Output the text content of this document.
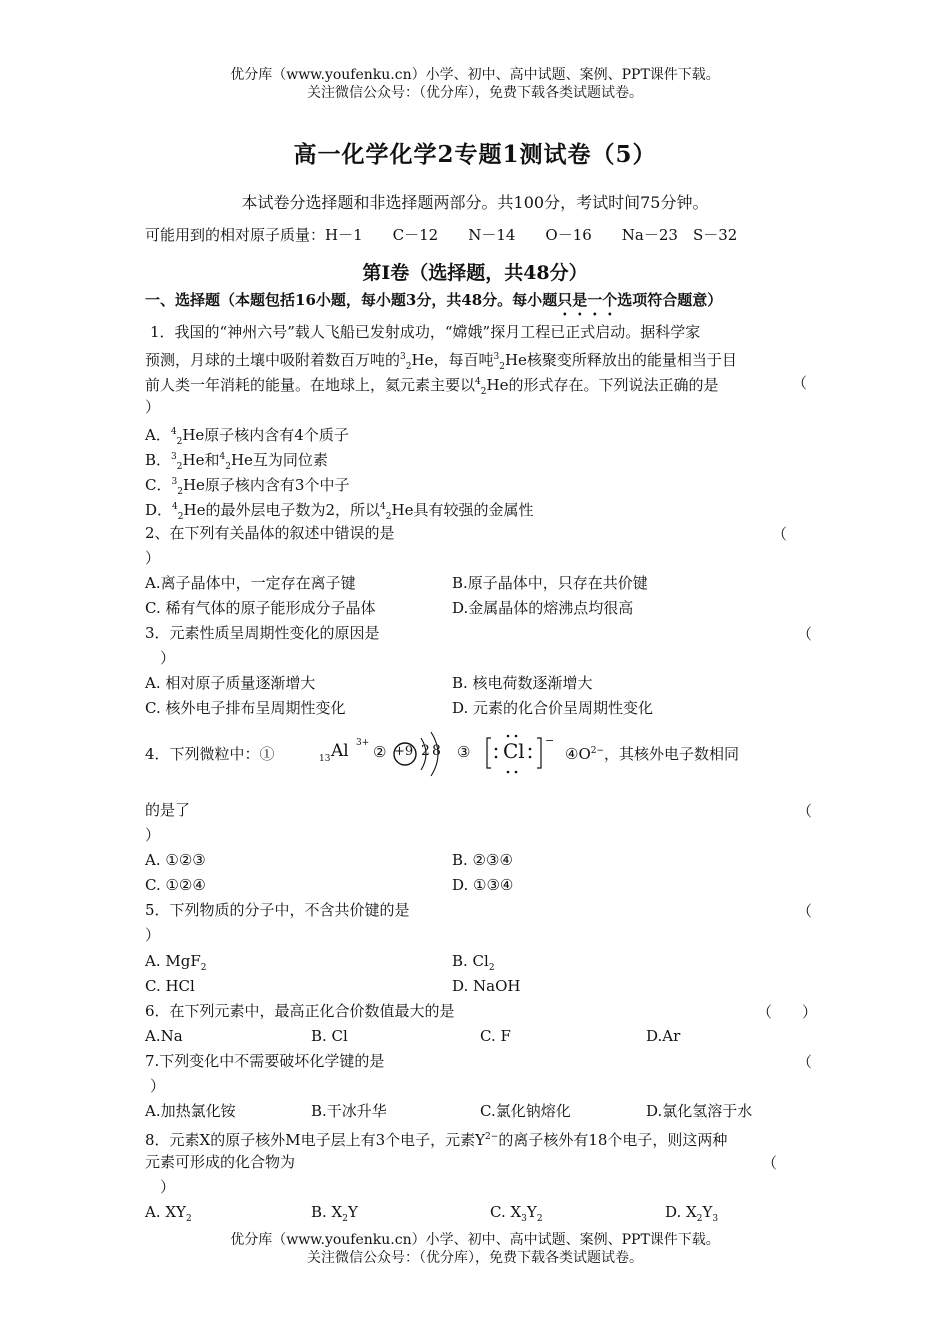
优分库（www.youfenku.cn）小学、初中、高中试题、案例、PPT课件下载。
关注微信公众号：（优分库），免费下载各类试题试卷。
高一化学化学2专题1测试卷（5）
本试卷分选择题和非选择题两部分。共100分，考试时间75分钟。
可能用到的相对原子质量：H－1　　C－12　　N－14　　O－16　　Na－23　S－32
第Ⅰ卷（选择题，共48分）
一、选择题（本题包括16小题，每小题3分，共48分。每小题只是一个选项符合题意）
1．我国的“神州六号”载人飞船已发射成功，“嫦娥”探月工程已正式启动。据科学家
预测，月球的土壤中吸附着数百万吨的$^3_2$He，每百吨$^3_2$He核聚变所释放出的能量相当于目
前人类一年消耗的能量。在地球上，氦元素主要以$^4_2$He的形式存在。下列说法正确的是	（
）
A．$^4_2$He原子核内含有4个质子
B．$^3_2$He和$^4_2$He互为同位素
C．$^3_2$He原子核内含有3个中子
D．$^4_2$He的最外层电子数为2，所以$^4_2$He具有较强的金属性
2、在下列有关晶体的叙述中错误的是	（
）
A.离子晶体中，一定存在离子键	B.原子晶体中，只存在共价键
C. 稀有气体的原子能形成分子晶体	D.金属晶体的熔沸点均很高
3．元素性质呈周期性变化的原因是	（
）
A. 相对原子质量逐渐增大	B. 核电荷数逐渐增大
C. 核外电子排布呈周期性变化	D. 元素的化合价呈周期性变化
4．下列微粒中：①	13 Al 3+ ② +9 2 8 ③ Cl −
$④O^{2-}$，其核外电子数相同
的是了	（
）
A. ①②③	B. ②③④
C. ①②④	D. ①③④
5．下列物质的分子中，不含共价键的是	（
）
A. MgF$_2$	B. $Cl_2$
C. HCl	D. NaOH
6．在下列元素中，最高正化合价数值最大的是	（　　）
A.Na	B. Cl	C. F	D.Ar
7.下列变化中不需要破坏化学键的是	（
）
A.加热氯化铵	B.干冰升华	C.氯化钠熔化	D.氯化氢溶于水
8．元素X的原子核外M电子层上有3个电子，元素$Y^{2-}$的离子核外有18个电子，则这两种
元素可形成的化合物为	（
）
A. $XY_2$	B. $X_2Y$	C. $X_3Y_2$	D. $X_2Y_3$
优分库（www.youfenku.cn）小学、初中、高中试题、案例、PPT课件下载。
关注微信公众号：（优分库），免费下载各类试题试卷。
